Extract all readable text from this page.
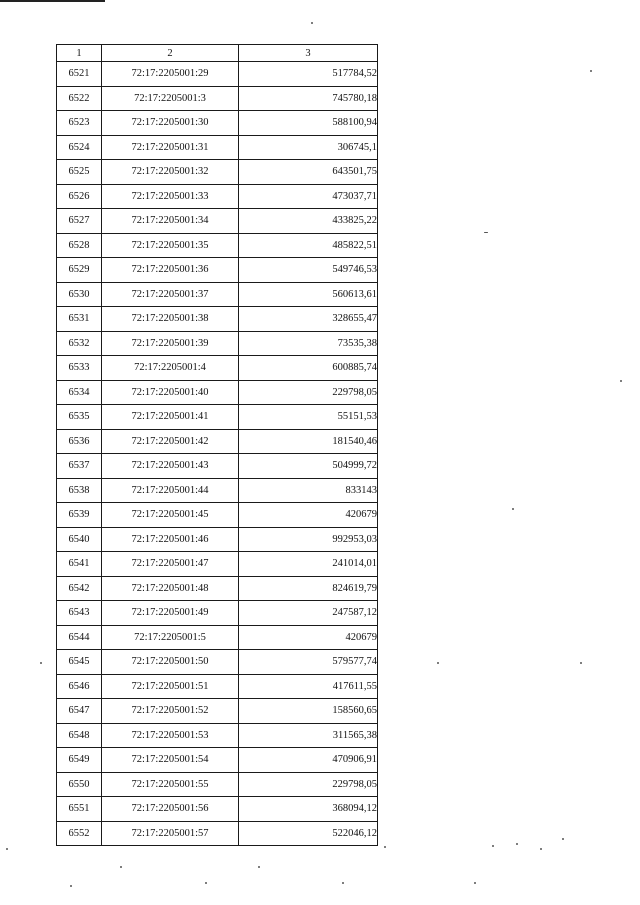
1	2	3
6521	72:17:2205001:29	517784,52
6522	72:17:2205001:3	745780,18
6523	72:17:2205001:30	588100,94
6524	72:17:2205001:31	306745,1
6525	72:17:2205001:32	643501,75
6526	72:17:2205001:33	473037,71
6527	72:17:2205001:34	433825,22
6528	72:17:2205001:35	485822,51
6529	72:17:2205001:36	549746,53
6530	72:17:2205001:37	560613,61
6531	72:17:2205001:38	328655,47
6532	72:17:2205001:39	73535,38
6533	72:17:2205001:4	600885,74
6534	72:17:2205001:40	229798,05
6535	72:17:2205001:41	55151,53
6536	72:17:2205001:42	181540,46
6537	72:17:2205001:43	504999,72
6538	72:17:2205001:44	833143
6539	72:17:2205001:45	420679
6540	72:17:2205001:46	992953,03
6541	72:17:2205001:47	241014,01
6542	72:17:2205001:48	824619,79
6543	72:17:2205001:49	247587,12
6544	72:17:2205001:5	420679
6545	72:17:2205001:50	579577,74
6546	72:17:2205001:51	417611,55
6547	72:17:2205001:52	158560,65
6548	72:17:2205001:53	311565,38
6549	72:17:2205001:54	470906,91
6550	72:17:2205001:55	229798,05
6551	72:17:2205001:56	368094,12
6552	72:17:2205001:57	522046,12
